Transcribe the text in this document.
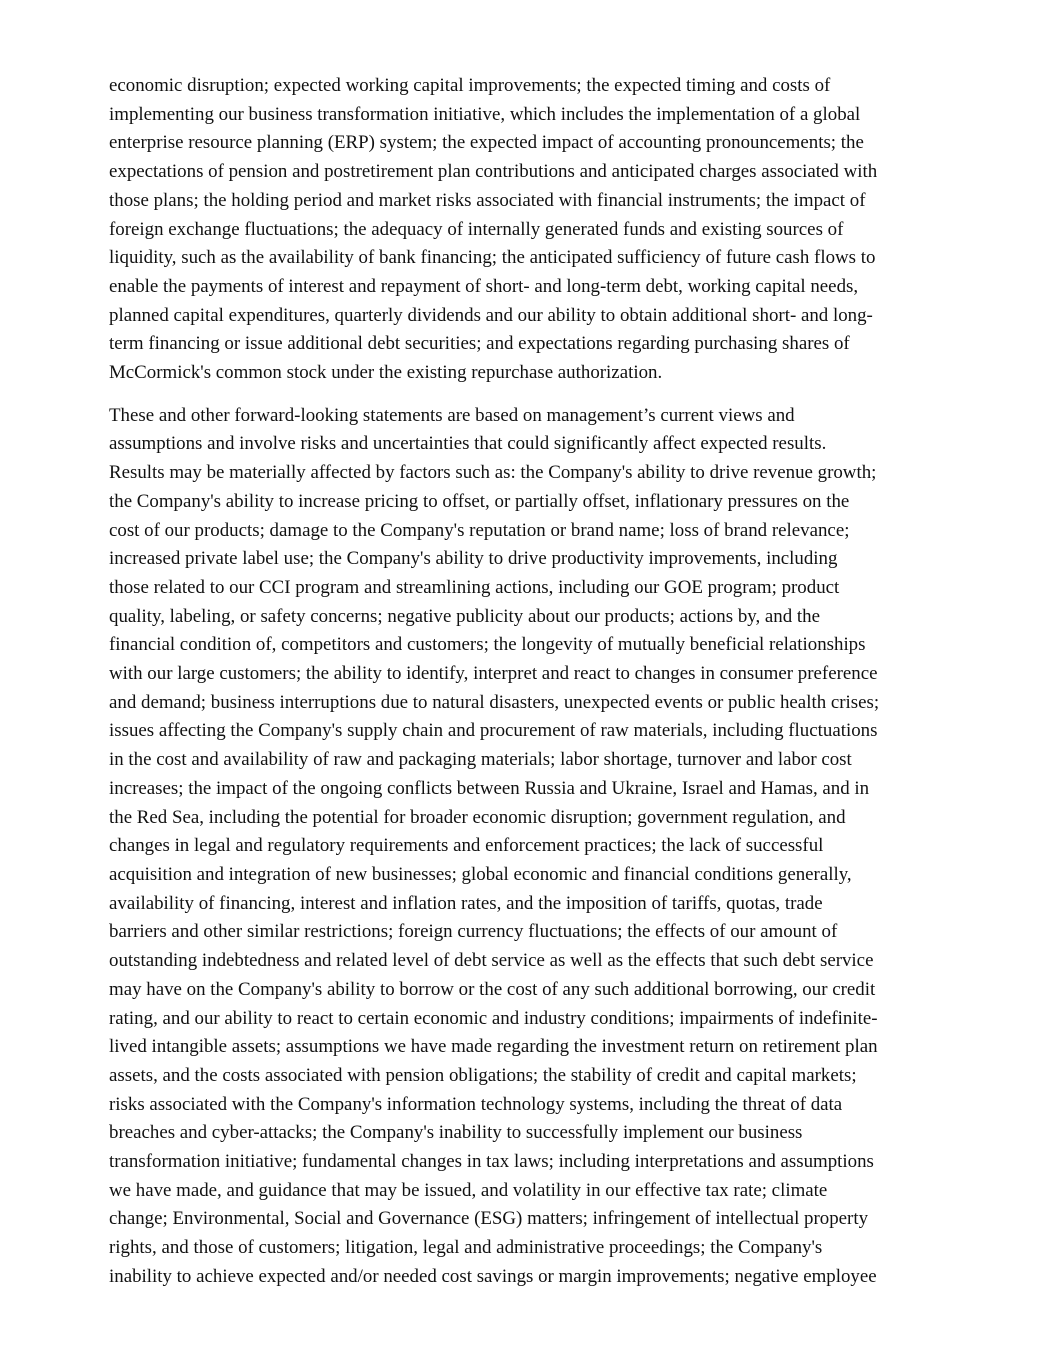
economic disruption; expected working capital improvements; the expected timing and costs of
implementing our business transformation initiative, which includes the implementation of a global
enterprise resource planning (ERP) system; the expected impact of accounting pronouncements; the
expectations of pension and postretirement plan contributions and anticipated charges associated with
those plans; the holding period and market risks associated with financial instruments; the impact of
foreign exchange fluctuations; the adequacy of internally generated funds and existing sources of
liquidity, such as the availability of bank financing; the anticipated sufficiency of future cash flows to
enable the payments of interest and repayment of short- and long-term debt, working capital needs,
planned capital expenditures, quarterly dividends and our ability to obtain additional short- and long-
term financing or issue additional debt securities; and expectations regarding purchasing shares of
McCormick's common stock under the existing repurchase authorization.

These and other forward-looking statements are based on management’s current views and
assumptions and involve risks and uncertainties that could significantly affect expected results.
Results may be materially affected by factors such as: the Company's ability to drive revenue growth;
the Company's ability to increase pricing to offset, or partially offset, inflationary pressures on the
cost of our products; damage to the Company's reputation or brand name; loss of brand relevance;
increased private label use; the Company's ability to drive productivity improvements, including
those related to our CCI program and streamlining actions, including our GOE program; product
quality, labeling, or safety concerns; negative publicity about our products; actions by, and the
financial condition of, competitors and customers; the longevity of mutually beneficial relationships
with our large customers; the ability to identify, interpret and react to changes in consumer preference
and demand; business interruptions due to natural disasters, unexpected events or public health crises;
issues affecting the Company's supply chain and procurement of raw materials, including fluctuations
in the cost and availability of raw and packaging materials; labor shortage, turnover and labor cost
increases; the impact of the ongoing conflicts between Russia and Ukraine, Israel and Hamas, and in
the Red Sea, including the potential for broader economic disruption; government regulation, and
changes in legal and regulatory requirements and enforcement practices; the lack of successful
acquisition and integration of new businesses; global economic and financial conditions generally,
availability of financing, interest and inflation rates, and the imposition of tariffs, quotas, trade
barriers and other similar restrictions; foreign currency fluctuations; the effects of our amount of
outstanding indebtedness and related level of debt service as well as the effects that such debt service
may have on the Company's ability to borrow or the cost of any such additional borrowing, our credit
rating, and our ability to react to certain economic and industry conditions; impairments of indefinite-
lived intangible assets; assumptions we have made regarding the investment return on retirement plan
assets, and the costs associated with pension obligations; the stability of credit and capital markets;
risks associated with the Company's information technology systems, including the threat of data
breaches and cyber-attacks; the Company's inability to successfully implement our business
transformation initiative; fundamental changes in tax laws; including interpretations and assumptions
we have made, and guidance that may be issued, and volatility in our effective tax rate; climate
change; Environmental, Social and Governance (ESG) matters; infringement of intellectual property
rights, and those of customers; litigation, legal and administrative proceedings; the Company's
inability to achieve expected and/or needed cost savings or margin improvements; negative employee
